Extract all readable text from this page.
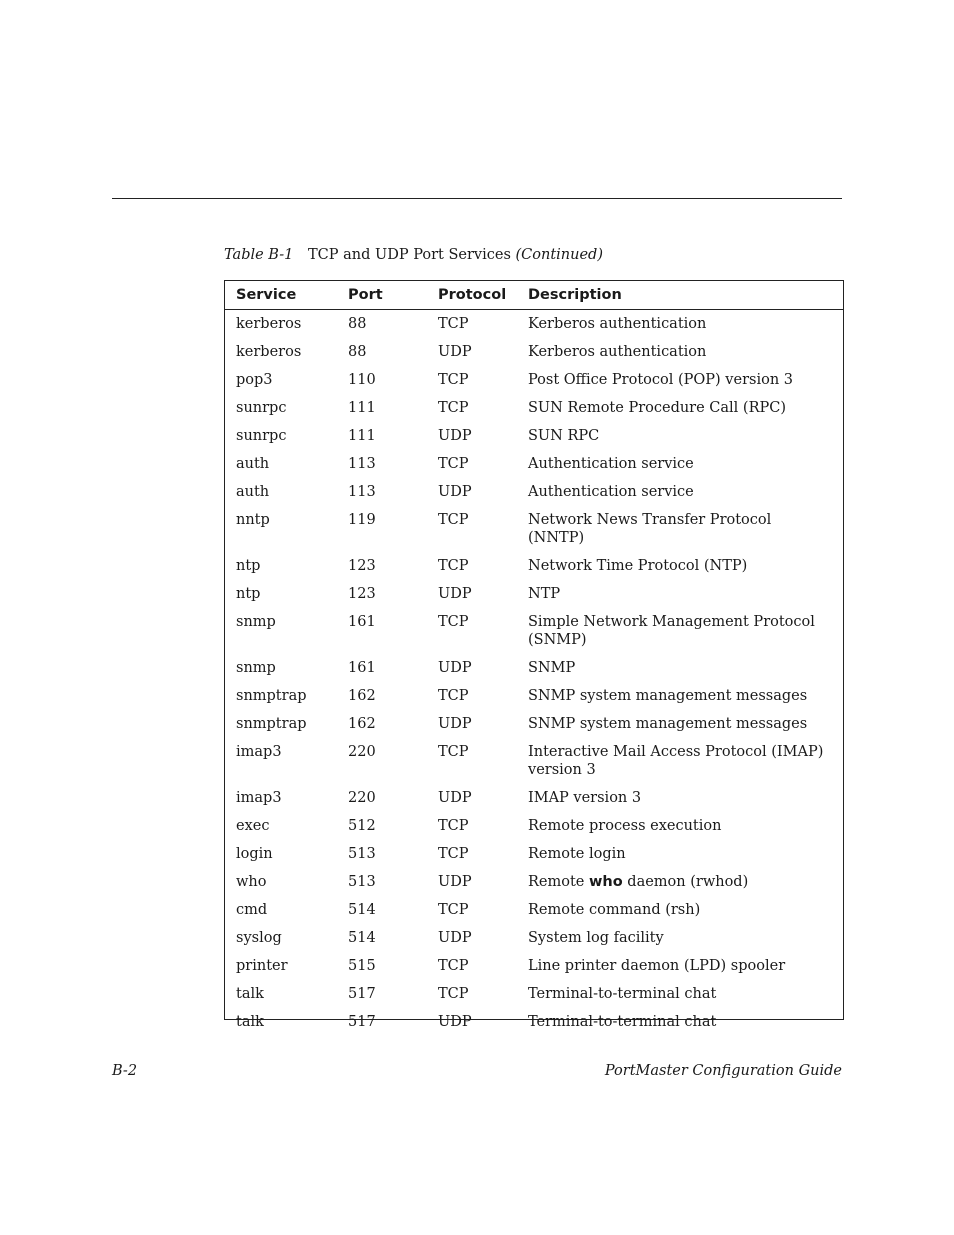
Table B-1 TCP and UDP Port Services (Continued)
Service	Port	Protocol	Description
kerberos	88	TCP	Kerberos authentication
kerberos	88	UDP	Kerberos authentication
pop3	110	TCP	Post Office Protocol (POP) version 3
sunrpc	111	TCP	SUN Remote Procedure Call (RPC)
sunrpc	111	UDP	SUN RPC
auth	113	TCP	Authentication service
auth	113	UDP	Authentication service
nntp	119	TCP	Network News Transfer Protocol (NNTP)
ntp	123	TCP	Network Time Protocol (NTP)
ntp	123	UDP	NTP
snmp	161	TCP	Simple Network Management Protocol (SNMP)
snmp	161	UDP	SNMP
snmptrap	162	TCP	SNMP system management messages
snmptrap	162	UDP	SNMP system management messages
imap3	220	TCP	Interactive Mail Access Protocol (IMAP) version 3
imap3	220	UDP	IMAP version 3
exec	512	TCP	Remote process execution
login	513	TCP	Remote login
who	513	UDP	Remote who daemon (rwhod)
cmd	514	TCP	Remote command (rsh)
syslog	514	UDP	System log facility
printer	515	TCP	Line printer daemon (LPD) spooler
talk	517	TCP	Terminal-to-terminal chat
talk	517	UDP	Terminal-to-terminal chat
B-2	PortMaster Configuration Guide
